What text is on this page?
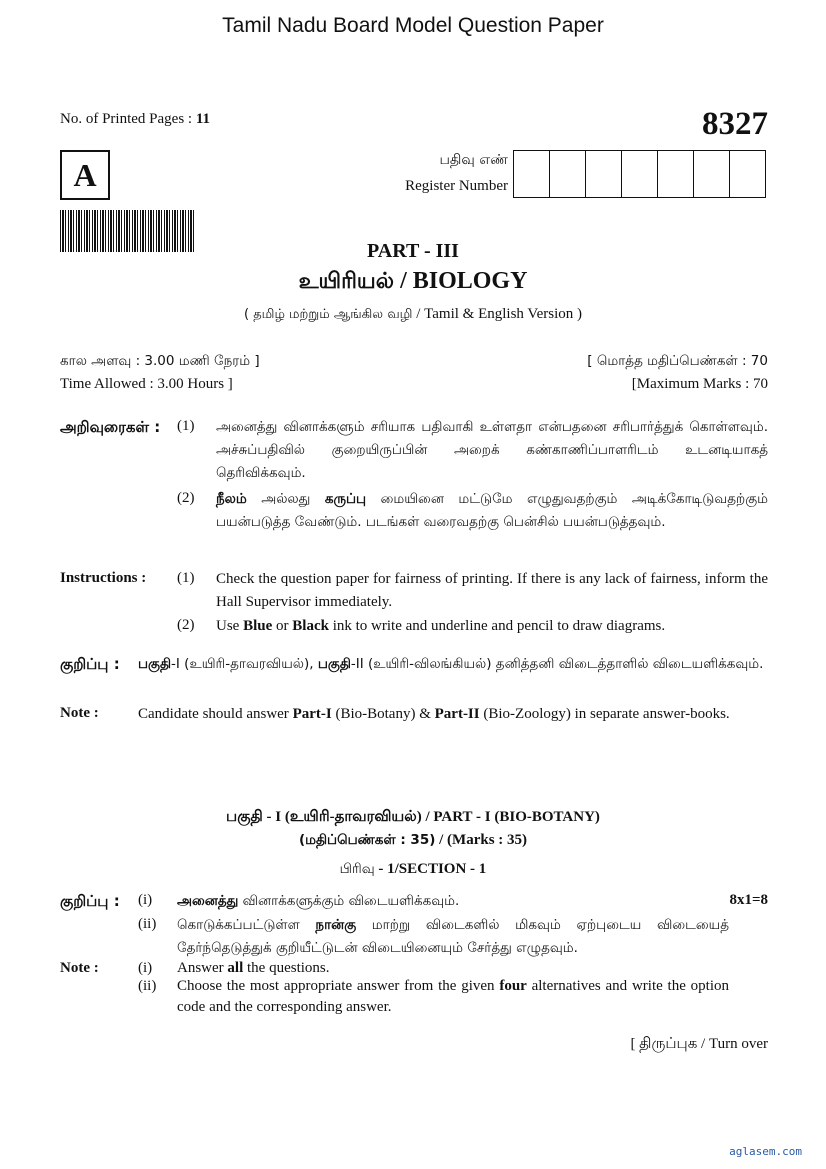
Tamil Nadu Board Model Question Paper
No. of Printed Pages : 11	8327
A	பதிவு எண்
Register Number
PART - III
உயிரியல் / BIOLOGY
( தமிழ் மற்றும் ஆங்கில வழி / Tamil & English Version )
கால அளவு : 3.00 மணி நேரம் ]
Time Allowed : 3.00 Hours ]
[ மொத்த மதிப்பெண்கள் : 70
[Maximum Marks : 70
அறிவுரைகள் : (1) அனைத்து வினாக்களும் சரியாக பதிவாகி உள்ளதா என்பதனை சரிபார்த்துக் கொள்ளவும். அச்சுப்பதிவில் குறையிருப்பின் அறைக் கண்காணிப்பாளரிடம் உடனடியாகத் தெரிவிக்கவும்.
(2) நீலம் அல்லது கருப்பு மையினை மட்டுமே எழுதுவதற்கும் அடிக்கோடிடுவதற்கும் பயன்படுத்த வேண்டும். படங்கள் வரைவதற்கு பென்சில் பயன்படுத்தவும்.
Instructions : (1) Check the question paper for fairness of printing. If there is any lack of fairness, inform the Hall Supervisor immediately.
(2) Use Blue or Black ink to write and underline and pencil to draw diagrams.
குறிப்பு : பகுதி-I (உயிரி-தாவரவியல்), பகுதி-II (உயிரி-விலங்கியல்) தனித்தனி விடைத்தாளில் விடையளிக்கவும்.
Note :	Candidate should answer Part-I (Bio-Botany) & Part-II (Bio-Zoology) in separate answer-books.
பகுதி - I (உயிரி-தாவரவியல்) / PART - I (BIO-BOTANY)
(மதிப்பெண்கள் : 35) / (Marks : 35)
பிரிவு - 1/SECTION - 1
குறிப்பு : (i) அனைத்து வினாக்களுக்கும் விடையளிக்கவும்.	8x1=8
(ii) கொடுக்கப்பட்டுள்ள நான்கு மாற்று விடைகளில் மிகவும் ஏற்புடைய விடையைத் தேர்ந்தெடுத்துக் குறியீட்டுடன் விடையினையும் சேர்த்து எழுதவும்.
Note :	(i) Answer all the questions.
(ii) Choose the most appropriate answer from the given four alternatives and write the option code and the corresponding answer.
[ திருப்புக / Turn over
aglasem.com
